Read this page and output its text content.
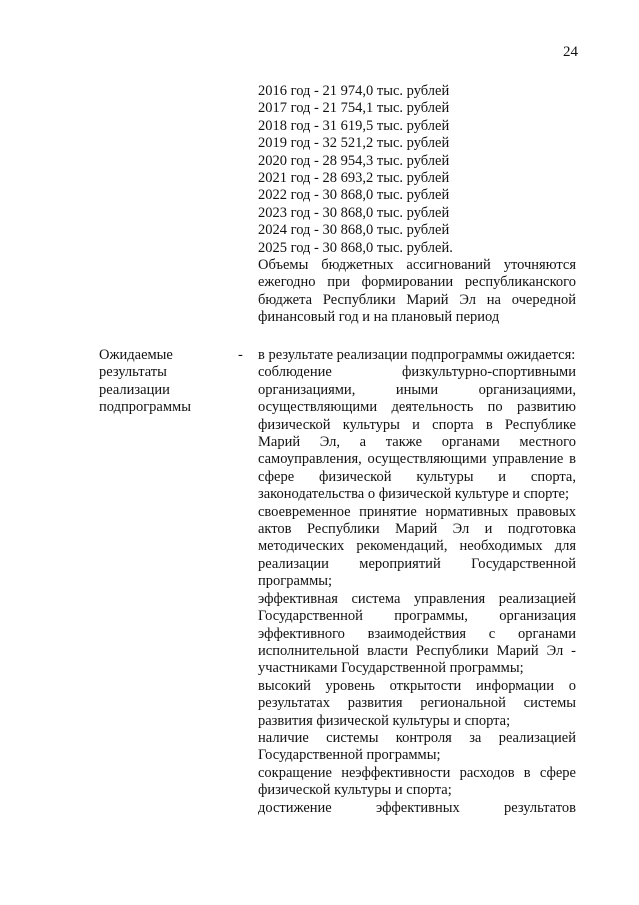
24
2016 год - 21 974,0 тыс. рублей
2017 год - 21 754,1 тыс. рублей
2018 год - 31 619,5 тыс. рублей
2019 год - 32 521,2 тыс. рублей
2020 год - 28 954,3 тыс. рублей
2021 год - 28 693,2 тыс. рублей
2022 год - 30 868,0 тыс. рублей
2023 год - 30 868,0 тыс. рублей
2024 год - 30 868,0 тыс. рублей
2025 год - 30 868,0 тыс. рублей.
Объемы бюджетных ассигнований уточняются ежегодно при формировании республиканского бюджета Республики Марий Эл на очередной финансовый год и на плановый период
Ожидаемые результаты реализации подпрограммы
- в результате реализации подпрограммы ожидается:

соблюдение физкультурно-спортивными организациями, иными организациями, осуществляющими деятельность по развитию физической культуры и спорта в Республике Марий Эл, а также органами местного самоуправления, осуществляющими управление в сфере физической культуры и спорта, законодательства о физической культуре и спорте;

своевременное принятие нормативных правовых актов Республики Марий Эл и подготовка методических рекомендаций, необходимых для реализации мероприятий Государственной программы;

эффективная система управления реализацией Государственной программы, организация эффективного взаимодействия с органами исполнительной власти Республики Марий Эл - участниками Государственной программы;

высокий уровень открытости информации о результатах развития региональной системы развития физической культуры и спорта;

наличие системы контроля за реализацией Государственной программы;

сокращение неэффективности расходов в сфере физической культуры и спорта;

достижение эффективных результатов
